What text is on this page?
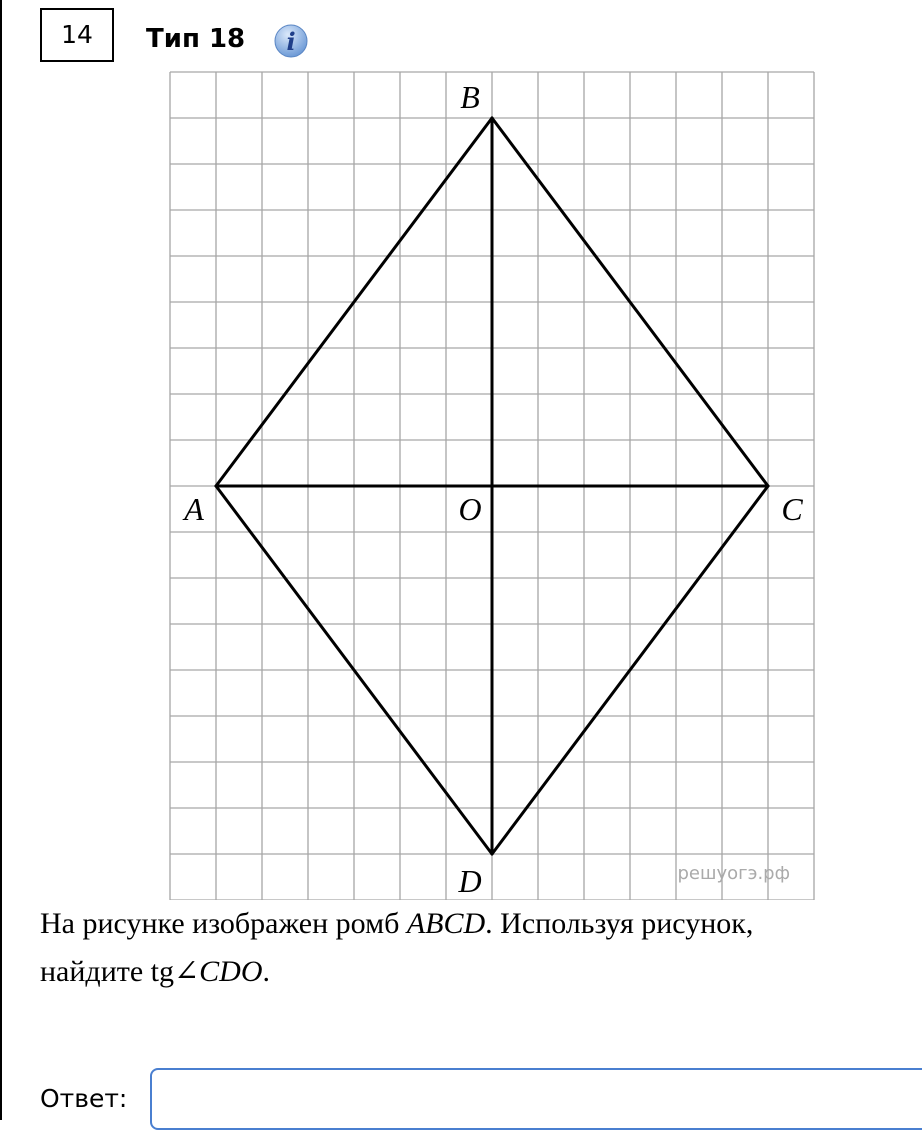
14	Тип 18 i
A
B
C
D
O
решуогэ.рф
На рисунке изображен ромб ABCD. Используя рисунок,
найдите tg∠CDO.
Ответ:
